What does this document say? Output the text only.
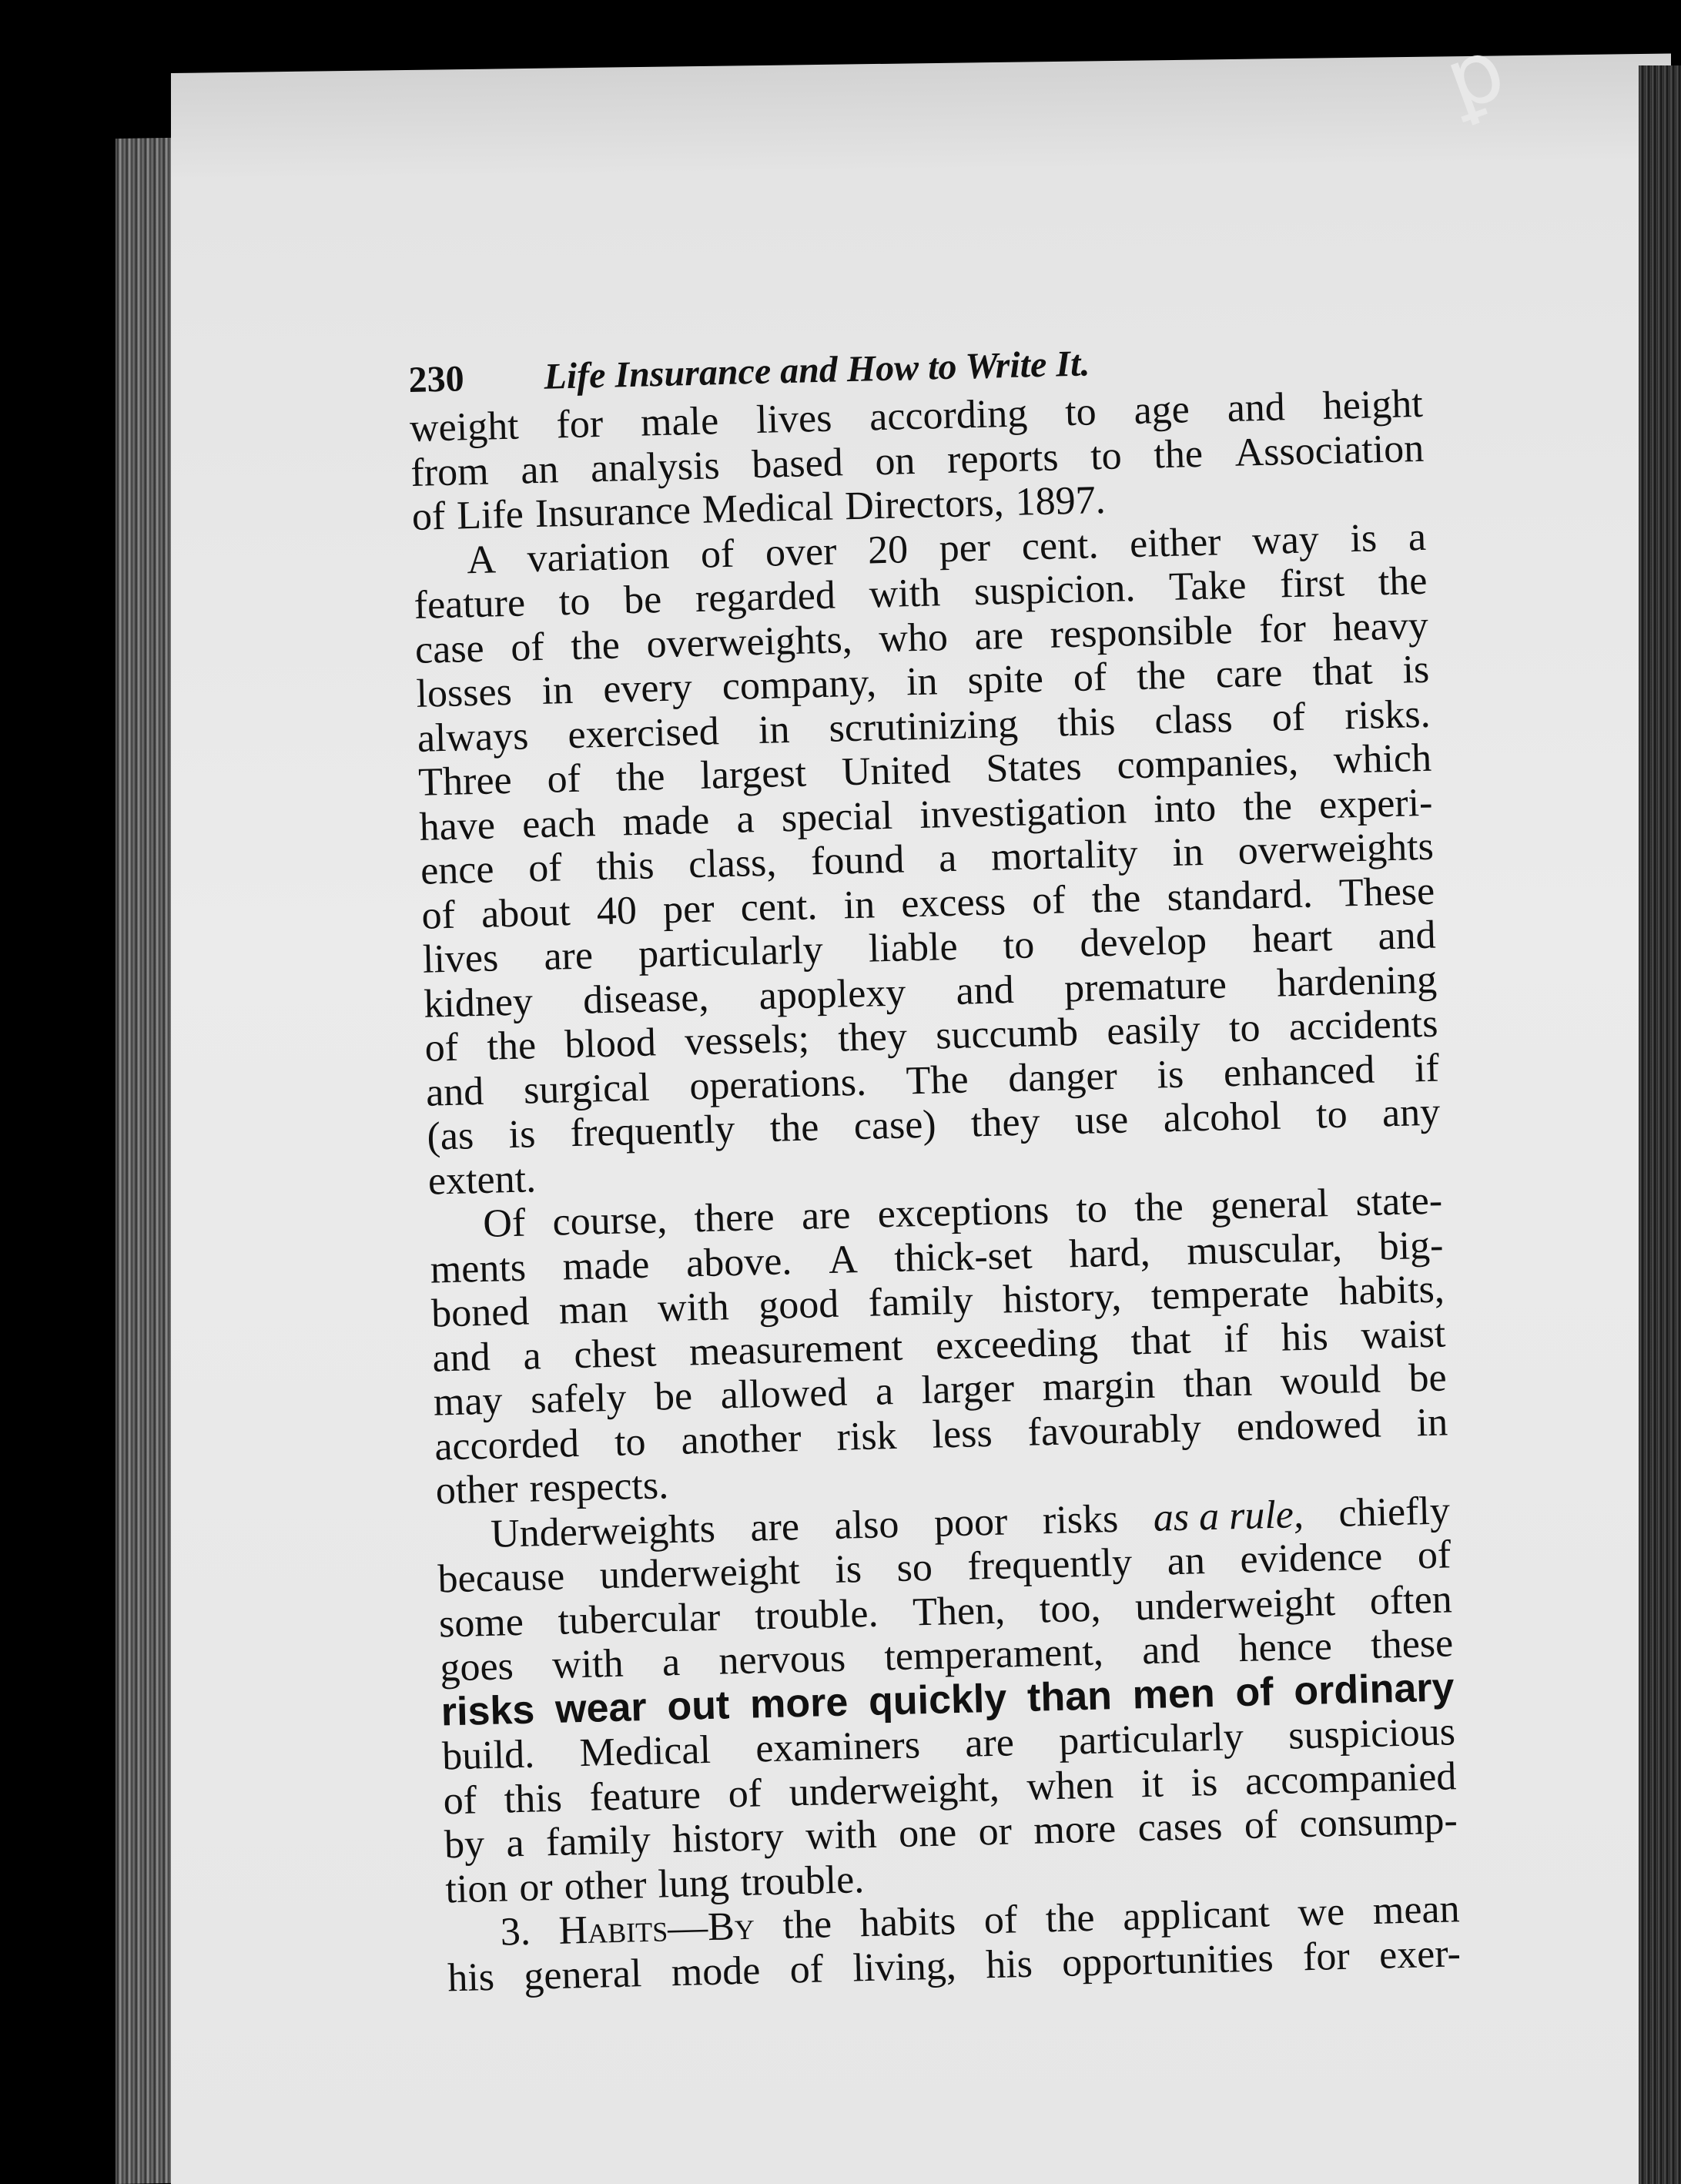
ꝑ
230 Life Insurance and How to Write It.
weight for male lives according to age and height
from an analysis based on reports to the Association
of Life Insurance Medical Directors, 1897.
A variation of over 20 per cent. either way is a
feature to be regarded with suspicion. Take first the
case of the overweights, who are responsible for heavy
losses in every company, in spite of the care that is
always exercised in scrutinizing this class of risks.
Three of the largest United States companies, which
have each made a special investigation into the experi-
ence of this class, found a mortality in overweights
of about 40 per cent. in excess of the standard. These
lives are particularly liable to develop heart and
kidney disease, apoplexy and premature hardening
of the blood vessels; they succumb easily to accidents
and surgical operations. The danger is enhanced if
(as is frequently the case) they use alcohol to any
extent.
Of course, there are exceptions to the general state-
ments made above. A thick-set hard, muscular, big-
boned man with good family history, temperate habits,
and a chest measurement exceeding that if his waist
may safely be allowed a larger margin than would be
accorded to another risk less favourably endowed in
other respects.
Underweights are also poor risks as a rule, chiefly
because underweight is so frequently an evidence of
some tubercular trouble. Then, too, underweight often
goes with a nervous temperament, and hence these
risks wear out more quickly than men of ordinary
build. Medical examiners are particularly suspicious
of this feature of underweight, when it is accompanied
by a family history with one or more cases of consump-
tion or other lung trouble.
3. Habits—By the habits of the applicant we mean
his general mode of living, his opportunities for exer-
